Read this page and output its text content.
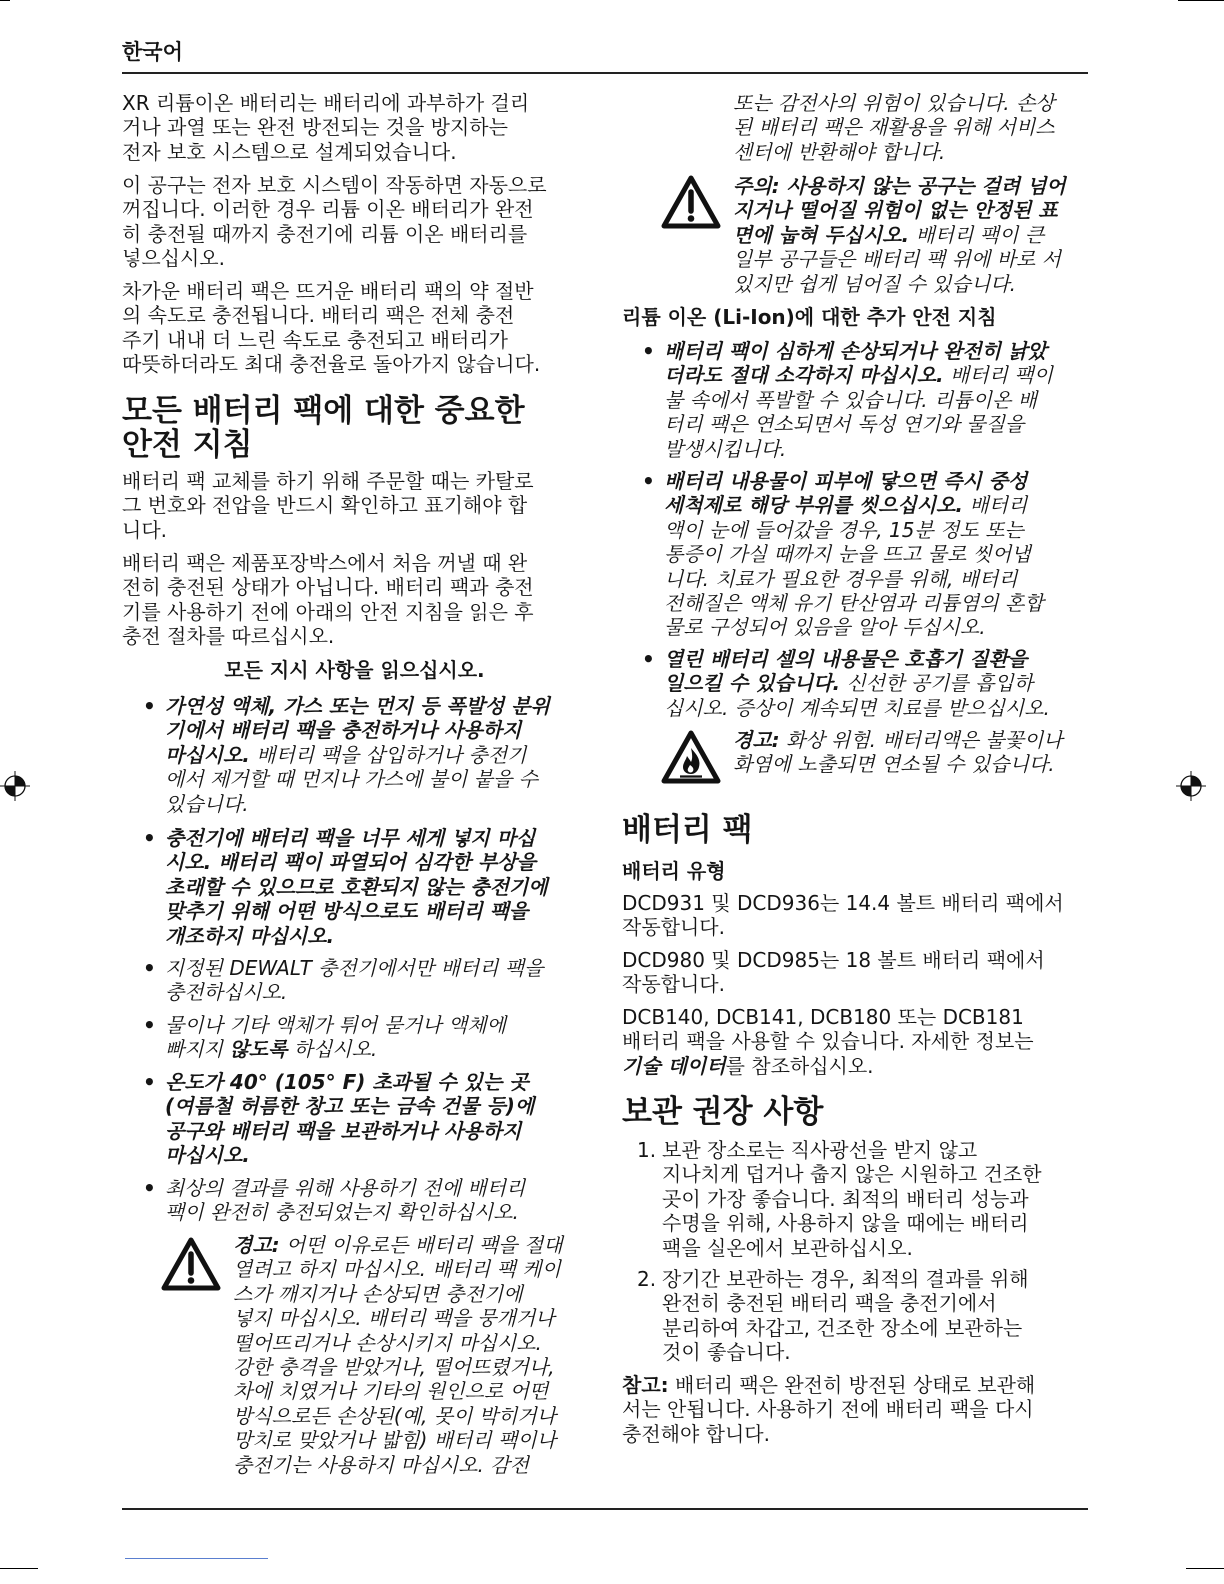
한국어
XR 리튬이온 배터리는 배터리에 과부하가 걸리
거나 과열 또는 완전 방전되는 것을 방지하는
전자 보호 시스템으로 설계되었습니다.
이 공구는 전자 보호 시스템이 작동하면 자동으로
꺼집니다. 이러한 경우 리튬 이온 배터리가 완전
히 충전될 때까지 충전기에 리튬 이온 배터리를
넣으십시오.
차가운 배터리 팩은 뜨거운 배터리 팩의 약 절반
의 속도로 충전됩니다. 배터리 팩은 전체 충전
주기 내내 더 느린 속도로 충전되고 배터리가
따뜻하더라도 최대 충전율로 돌아가지 않습니다.
모든 배터리 팩에 대한 중요한
안전 지침
배터리 팩 교체를 하기 위해 주문할 때는 카탈로
그 번호와 전압을 반드시 확인하고 표기해야 합
니다.
배터리 팩은 제품포장박스에서 처음 꺼낼 때 완
전히 충전된 상태가 아닙니다. 배터리 팩과 충전
기를 사용하기 전에 아래의 안전 지침을 읽은 후
충전 절차를 따르십시오.
모든 지시 사항을 읽으십시오.
• 가연성 액체, 가스 또는 먼지 등 폭발성 분위
기에서 배터리 팩을 충전하거나 사용하지
마십시오. 배터리 팩을 삽입하거나 충전기
에서 제거할 때 먼지나 가스에 불이 붙을 수
있습니다.
• 충전기에 배터리 팩을 너무 세게 넣지 마십
시오. 배터리 팩이 파열되어 심각한 부상을
초래할 수 있으므로 호환되지 않는 충전기에
맞추기 위해 어떤 방식으로도 배터리 팩을
개조하지 마십시오.
• 지정된 DEWALT 충전기에서만 배터리 팩을
충전하십시오.
• 물이나 기타 액체가 튀어 묻거나 액체에
빠지지 않도록 하십시오.
• 온도가 40° (105° F) 초과될 수 있는 곳
(여름철 허름한 창고 또는 금속 건물 등)에
공구와 배터리 팩을 보관하거나 사용하지
마십시오.
• 최상의 결과를 위해 사용하기 전에 배터리
팩이 완전히 충전되었는지 확인하십시오.
경고: 어떤 이유로든 배터리 팩을 절대
열려고 하지 마십시오. 배터리 팩 케이
스가 깨지거나 손상되면 충전기에
넣지 마십시오. 배터리 팩을 뭉개거나
떨어뜨리거나 손상시키지 마십시오.
강한 충격을 받았거나, 떨어뜨렸거나,
차에 치였거나 기타의 원인으로 어떤
방식으로든 손상된(예, 못이 박히거나
망치로 맞았거나 밟힘) 배터리 팩이나
충전기는 사용하지 마십시오. 감전
또는 감전사의 위험이 있습니다. 손상
된 배터리 팩은 재활용을 위해 서비스
센터에 반환해야 합니다.
주의: 사용하지 않는 공구는 걸려 넘어
지거나 떨어질 위험이 없는 안정된 표
면에 눕혀 두십시오. 배터리 팩이 큰
일부 공구들은 배터리 팩 위에 바로 서
있지만 쉽게 넘어질 수 있습니다.
리튬 이온 (Li-Ion)에 대한 추가 안전 지침
• 배터리 팩이 심하게 손상되거나 완전히 낡았
더라도 절대 소각하지 마십시오. 배터리 팩이
불 속에서 폭발할 수 있습니다. 리튬이온 배
터리 팩은 연소되면서 독성 연기와 물질을
발생시킵니다.
• 배터리 내용물이 피부에 닿으면 즉시 중성
세척제로 해당 부위를 씻으십시오. 배터리
액이 눈에 들어갔을 경우, 15분 정도 또는
통증이 가실 때까지 눈을 뜨고 물로 씻어냅
니다. 치료가 필요한 경우를 위해, 배터리
전해질은 액체 유기 탄산염과 리튬염의 혼합
물로 구성되어 있음을 알아 두십시오.
• 열린 배터리 셀의 내용물은 호흡기 질환을
일으킬 수 있습니다. 신선한 공기를 흡입하
십시오. 증상이 계속되면 치료를 받으십시오.
경고: 화상 위험. 배터리액은 불꽃이나
화염에 노출되면 연소될 수 있습니다.
배터리 팩
배터리 유형
DCD931 및 DCD936는 14.4 볼트 배터리 팩에서
작동합니다.
DCD980 및 DCD985는 18 볼트 배터리 팩에서
작동합니다.
DCB140, DCB141, DCB180 또는 DCB181
배터리 팩을 사용할 수 있습니다. 자세한 정보는
기술 데이터를 참조하십시오.
보관 권장 사항
1. 보관 장소로는 직사광선을 받지 않고
지나치게 덥거나 춥지 않은 시원하고 건조한
곳이 가장 좋습니다. 최적의 배터리 성능과
수명을 위해, 사용하지 않을 때에는 배터리
팩을 실온에서 보관하십시오.
2. 장기간 보관하는 경우, 최적의 결과를 위해
완전히 충전된 배터리 팩을 충전기에서
분리하여 차갑고, 건조한 장소에 보관하는
것이 좋습니다.
참고: 배터리 팩은 완전히 방전된 상태로 보관해
서는 안됩니다. 사용하기 전에 배터리 팩을 다시
충전해야 합니다.
